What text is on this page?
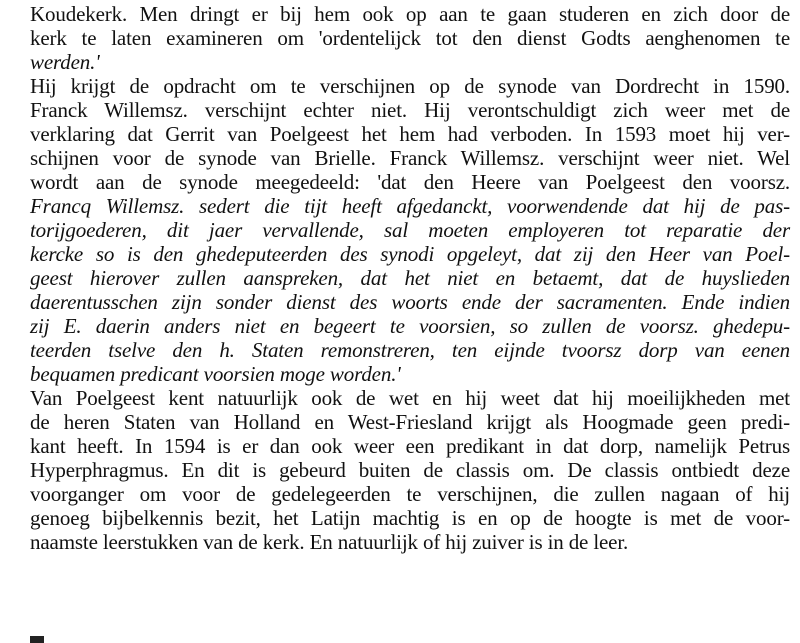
Koudekerk. Men dringt er bij hem ook op aan te gaan studeren en zich door de
kerk te laten examineren om 'ordentelijck tot den dienst Godts aenghenomen te
werden.'
Hij krijgt de opdracht om te verschijnen op de synode van Dordrecht in 1590.
Franck Willemsz. verschijnt echter niet. Hij verontschuldigt zich weer met de
verklaring dat Gerrit van Poelgeest het hem had verboden. In 1593 moet hij ver-
schijnen voor de synode van Brielle. Franck Willemsz. verschijnt weer niet. Wel
wordt aan de synode meegedeeld: 'dat den Heere van Poelgeest den voorsz.
Francq Willemsz. sedert die tijt heeft afgedanckt, voorwendende dat hij de pas-
torijgoederen, dit jaer vervallende, sal moeten employeren tot reparatie der
kercke so is den ghedeputeerden des synodi opgeleyt, dat zij den Heer van Poel-
geest hierover zullen aanspreken, dat het niet en betaemt, dat de huyslieden
daerentusschen zijn sonder dienst des woorts ende der sacramenten. Ende indien
zij E. daerin anders niet en begeert te voorsien, so zullen de voorsz. ghedepu-
teerden tselve den h. Staten remonstreren, ten eijnde tvoorsz dorp van eenen
bequamen predicant voorsien moge worden.'
Van Poelgeest kent natuurlijk ook de wet en hij weet dat hij moeilijkheden met
de heren Staten van Holland en West-Friesland krijgt als Hoogmade geen predi-
kant heeft. In 1594 is er dan ook weer een predikant in dat dorp, namelijk Petrus
Hyperphragmus. En dit is gebeurd buiten de classis om. De classis ontbiedt deze
voorganger om voor de gedelegeerden te verschijnen, die zullen nagaan of hij
genoeg bijbelkennis bezit, het Latijn machtig is en op de hoogte is met de voor-
naamste leerstukken van de kerk. En natuurlijk of hij zuiver is in de leer.
